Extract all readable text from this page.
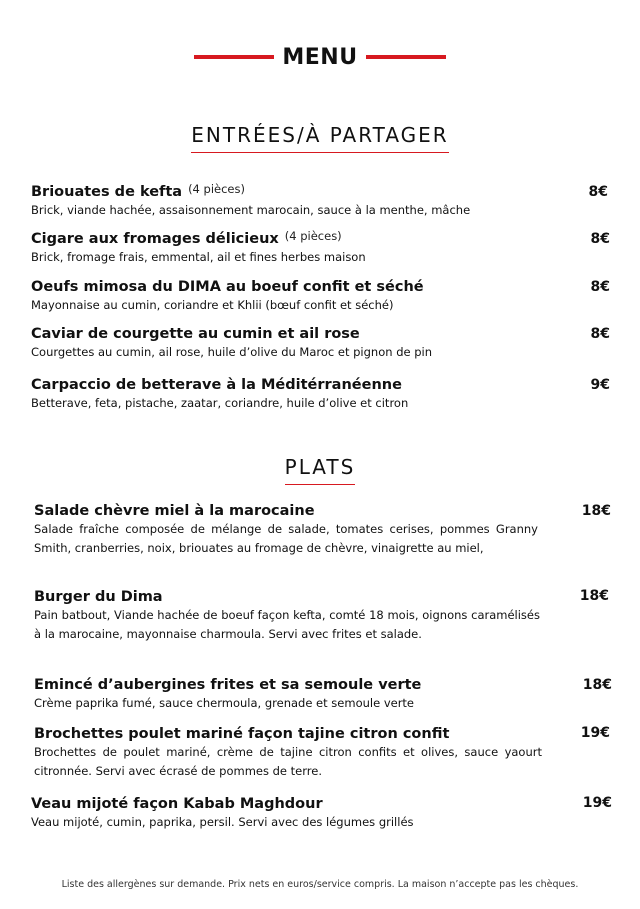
MENU
ENTRÉES/À PARTAGER
Briouates de kefta $^{(4 pièces)}$
Brick, viande hachée, assaisonnement marocain, sauce à la menthe, mâche
8€
Cigare aux fromages délicieux $^{(4 pièces)}$
Brick, fromage frais, emmental, ail et fines herbes maison
8€
Oeufs mimosa du DIMA au boeuf confit et séché
Mayonnaise au cumin, coriandre et Khlii (bœuf confit et séché)
8€
Caviar de courgette au cumin et ail rose
Courgettes au cumin, ail rose, huile d’olive du Maroc et pignon de pin
8€
Carpaccio de betterave à la Méditérranéenne
Betterave, feta, pistache, zaatar, coriandre, huile d’olive et citron
9€
PLATS
Salade chèvre miel à la marocaine
Salade fraîche composée de mélange de salade, tomates cerises, pommes Granny Smith, cranberries, noix, briouates au fromage de chèvre, vinaigrette au miel,
18€
Burger du Dima
Pain batbout, Viande hachée de boeuf façon kefta, comté 18 mois, oignons caramélisés à la marocaine, mayonnaise charmoula. Servi avec frites et salade.
18€
Emincé d’aubergines frites et sa semoule verte
Crème paprika fumé, sauce chermoula, grenade et semoule verte
18€
Brochettes poulet mariné façon tajine citron confit
Brochettes de poulet mariné, crème de tajine citron confits et olives, sauce yaourt citronnée. Servi avec écrasé de pommes de terre.
19€
Veau mijoté façon Kabab Maghdour
Veau mijoté, cumin, paprika, persil. Servi avec des légumes grillés
19€
Liste des allergènes sur demande. Prix nets en euros/service compris. La maison n’accepte pas les chèques.
